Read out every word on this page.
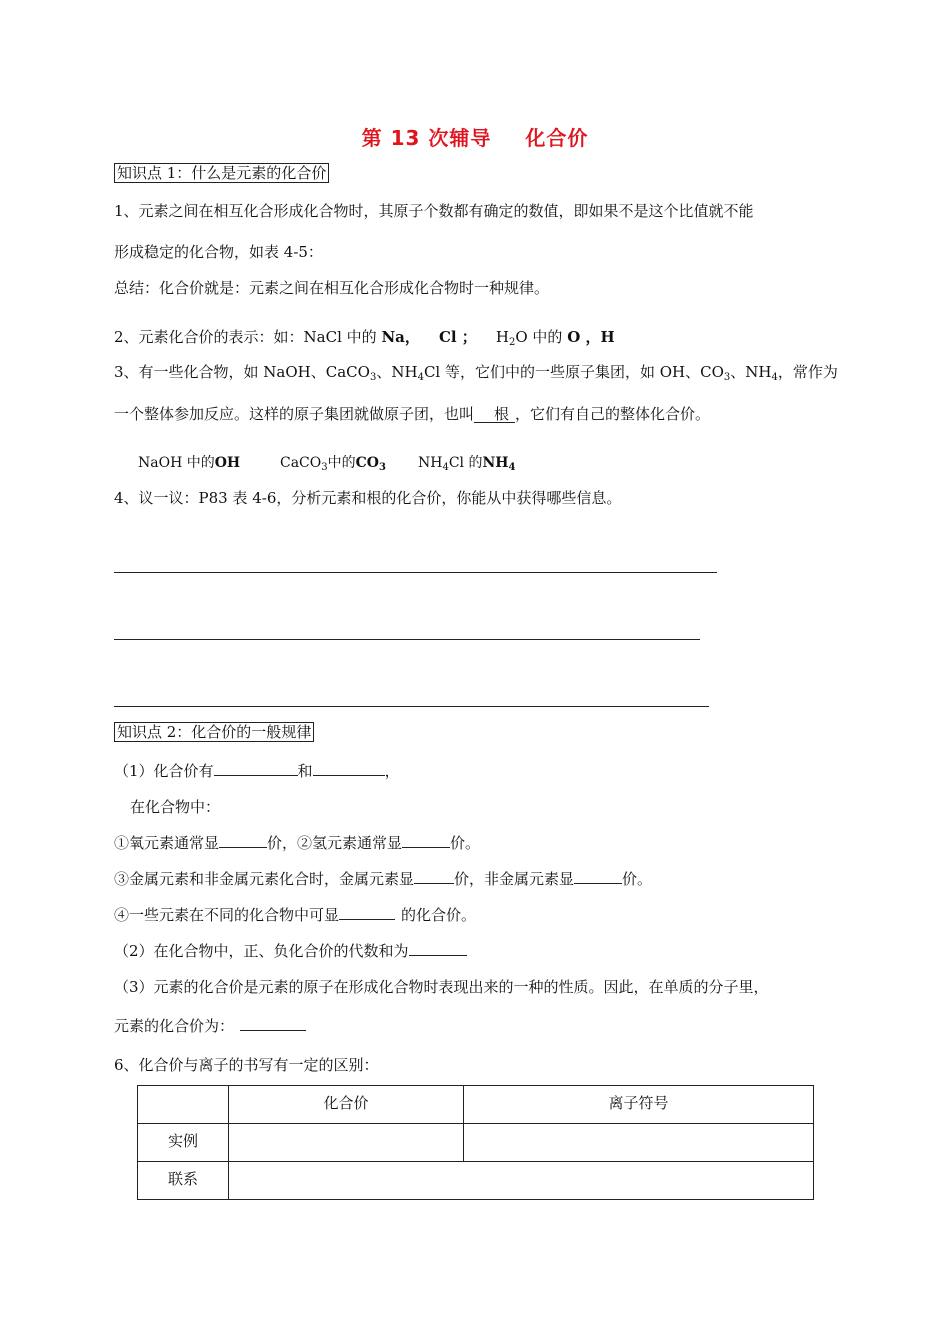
第 13 次辅导 化合价
知识点 1：什么是元素的化合价
1、元素之间在相互化合形成化合物时，其原子个数都有确定的数值，即如果不是这个比值就不能
形成稳定的化合物，如表 4-5：
总结：化合价就是：元素之间在相互化合形成化合物时一种规律。
2、元素化合价的表示：如：NaCl 中的 Na， Cl ； $H_2O$ 中的 O ，H
3、有一些化合物，如 NaOH、CaCO$_3$、$NH_4Cl$ 等，它们中的一些原子集团，如 OH、$CO_3$、$NH_4$，常作为
一个整体参加反应。这样的原子集团就做原子团，也叫 根 ，它们有自己的整体化合价。
NaOH 中的OH	CaCO$_3$中的$CO_3$ $NH_4Cl$ 的$NH_4$
4、议一议：P83 表 4-6，分析元素和根的化合价，你能从中获得哪些信息。
知识点 2：化合价的一般规律
（1）化合价有	和	，
在化合物中：
①氧元素通常显	价，②氢元素通常显	价。
③金属元素和非金属元素化合时，金属元素显	价，非金属元素显	价。
④一些元素在不同的化合物中可显	的化合价。
（2）在化合物中，正、负化合价的代数和为
（3）元素的化合价是元素的原子在形成化合物时表现出来的一种的性质。因此，在单质的分子里，
元素的化合价为：
6、化合价与离子的书写有一定的区别：

	化合价	离子符号

实例		

联系		
